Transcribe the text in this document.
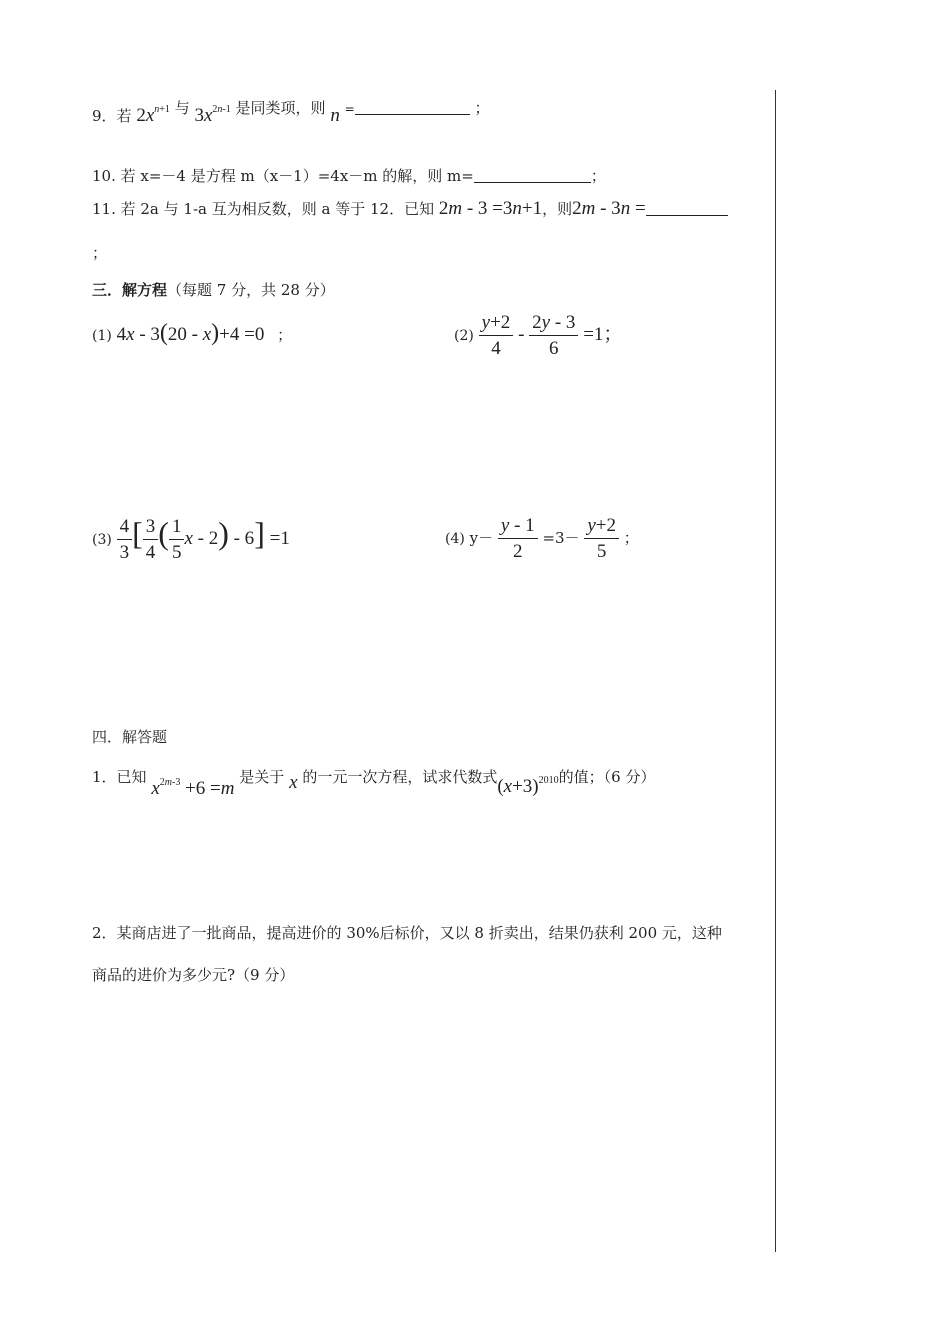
9．若 $2x^{n+1}$ 与 $3x^{2n-1}$ 是同类项，则 n =	；
10. 若 x=－4 是方程 m（x－1）=4x－m 的解，则 m=	；
11. 若 2a 与 1-a 互为相反数，则 a 等于 12．已知 2m - 3 =3n+1，则2m - 3n =
；
三．解方程（每题 7 分，共 28 分）
(1) 4x - 3(20 - x)+4 =0 ；	$(2) \frac{y+2}{4} - \frac{2y - 3}{6} =1$；
$(3) \frac{4}{3}$ [ $\frac{3}{4}$ ( $\frac{1}{5}$ x - 2) - 6] =1	(4) $y- \frac{y - 1}{2} =3- \frac{y+2}{5}$ ；
四．解答题
1．已知 $x^{2m-3} +6 =m$ 是关于 x 的一元一次方程，试求代数式$(x+3)^{2010}$的值；（6 分）
2．某商店进了一批商品，提高进价的 30%后标价，又以 8 折卖出，结果仍获利 200 元，这种
商品的进价为多少元?（9 分）
